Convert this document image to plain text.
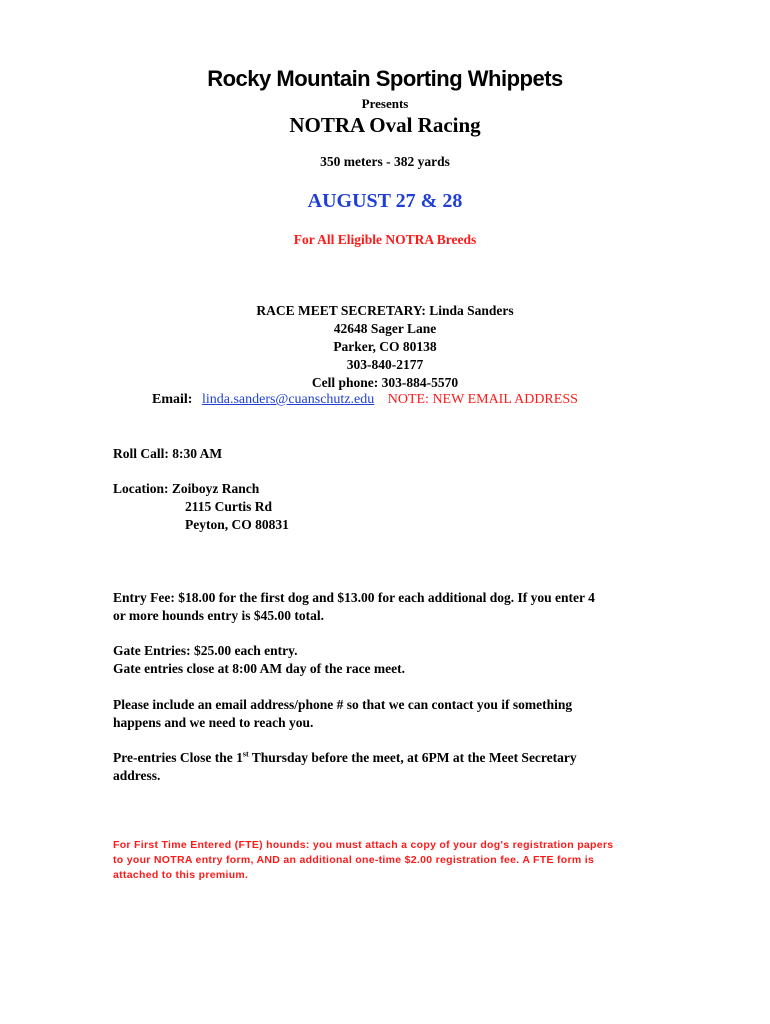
Rocky Mountain Sporting Whippets
Presents
NOTRA Oval Racing
350 meters - 382 yards
AUGUST 27 & 28
For All Eligible NOTRA Breeds
RACE MEET SECRETARY: Linda Sanders
42648 Sager Lane
Parker, CO 80138
303-840-2177
Cell phone: 303-884-5570
Email: linda.sanders@cuanschutz.edu NOTE: NEW EMAIL ADDRESS
Roll Call: 8:30 AM
Location: Zoiboyz Ranch
2115 Curtis Rd
Peyton, CO 80831
Entry Fee: $18.00 for the first dog and $13.00 for each additional dog. If you enter 4
or more hounds entry is $45.00 total.
Gate Entries: $25.00 each entry.
Gate entries close at 8:00 AM day of the race meet.
Please include an email address/phone # so that we can contact you if something
happens and we need to reach you.
Pre-entries Close the 1st Thursday before the meet, at 6PM at the Meet Secretary
address.
For First Time Entered (FTE) hounds: you must attach a copy of your dog's registration papers
to your NOTRA entry form, AND an additional one-time $2.00 registration fee. A FTE form is
attached to this premium.
